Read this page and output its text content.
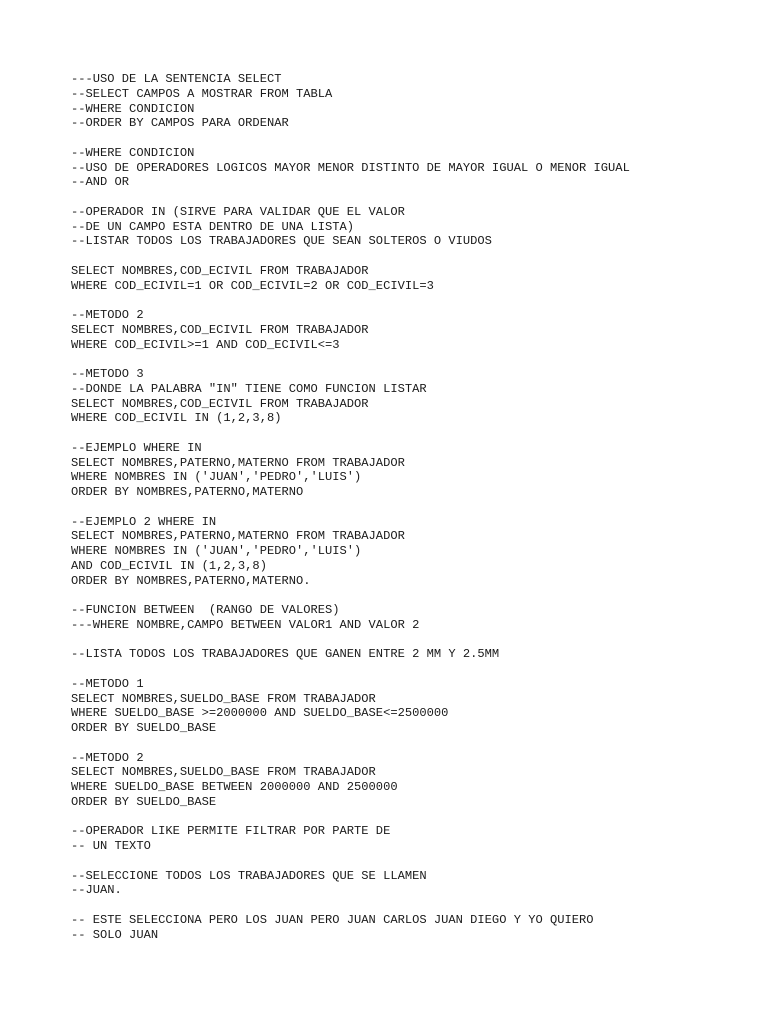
---USO DE LA SENTENCIA SELECT
--SELECT CAMPOS A MOSTRAR FROM TABLA
--WHERE CONDICION
--ORDER BY CAMPOS PARA ORDENAR
--WHERE CONDICION
--USO DE OPERADORES LOGICOS MAYOR MENOR DISTINTO DE MAYOR IGUAL O MENOR IGUAL
--AND OR
--OPERADOR IN (SIRVE PARA VALIDAR QUE EL VALOR
--DE UN CAMPO ESTA DENTRO DE UNA LISTA)
--LISTAR TODOS LOS TRABAJADORES QUE SEAN SOLTEROS O VIUDOS
SELECT NOMBRES,COD_ECIVIL FROM TRABAJADOR
WHERE COD_ECIVIL=1 OR COD_ECIVIL=2 OR COD_ECIVIL=3
--METODO 2
SELECT NOMBRES,COD_ECIVIL FROM TRABAJADOR
WHERE COD_ECIVIL>=1 AND COD_ECIVIL<=3
--METODO 3
--DONDE LA PALABRA "IN" TIENE COMO FUNCION LISTAR
SELECT NOMBRES,COD_ECIVIL FROM TRABAJADOR
WHERE COD_ECIVIL IN (1,2,3,8)
--EJEMPLO WHERE IN
SELECT NOMBRES,PATERNO,MATERNO FROM TRABAJADOR
WHERE NOMBRES IN ('JUAN','PEDRO','LUIS')
ORDER BY NOMBRES,PATERNO,MATERNO
--EJEMPLO 2 WHERE IN
SELECT NOMBRES,PATERNO,MATERNO FROM TRABAJADOR
WHERE NOMBRES IN ('JUAN','PEDRO','LUIS')
AND COD_ECIVIL IN (1,2,3,8)
ORDER BY NOMBRES,PATERNO,MATERNO.
--FUNCION BETWEEN  (RANGO DE VALORES)
---WHERE NOMBRE,CAMPO BETWEEN VALOR1 AND VALOR 2
--LISTA TODOS LOS TRABAJADORES QUE GANEN ENTRE 2 MM Y 2.5MM
--METODO 1
SELECT NOMBRES,SUELDO_BASE FROM TRABAJADOR
WHERE SUELDO_BASE >=2000000 AND SUELDO_BASE<=2500000
ORDER BY SUELDO_BASE
--METODO 2
SELECT NOMBRES,SUELDO_BASE FROM TRABAJADOR
WHERE SUELDO_BASE BETWEEN 2000000 AND 2500000
ORDER BY SUELDO_BASE
--OPERADOR LIKE PERMITE FILTRAR POR PARTE DE
-- UN TEXTO
--SELECCIONE TODOS LOS TRABAJADORES QUE SE LLAMEN
--JUAN.
-- ESTE SELECCIONA PERO LOS JUAN PERO JUAN CARLOS JUAN DIEGO Y YO QUIERO
-- SOLO JUAN
